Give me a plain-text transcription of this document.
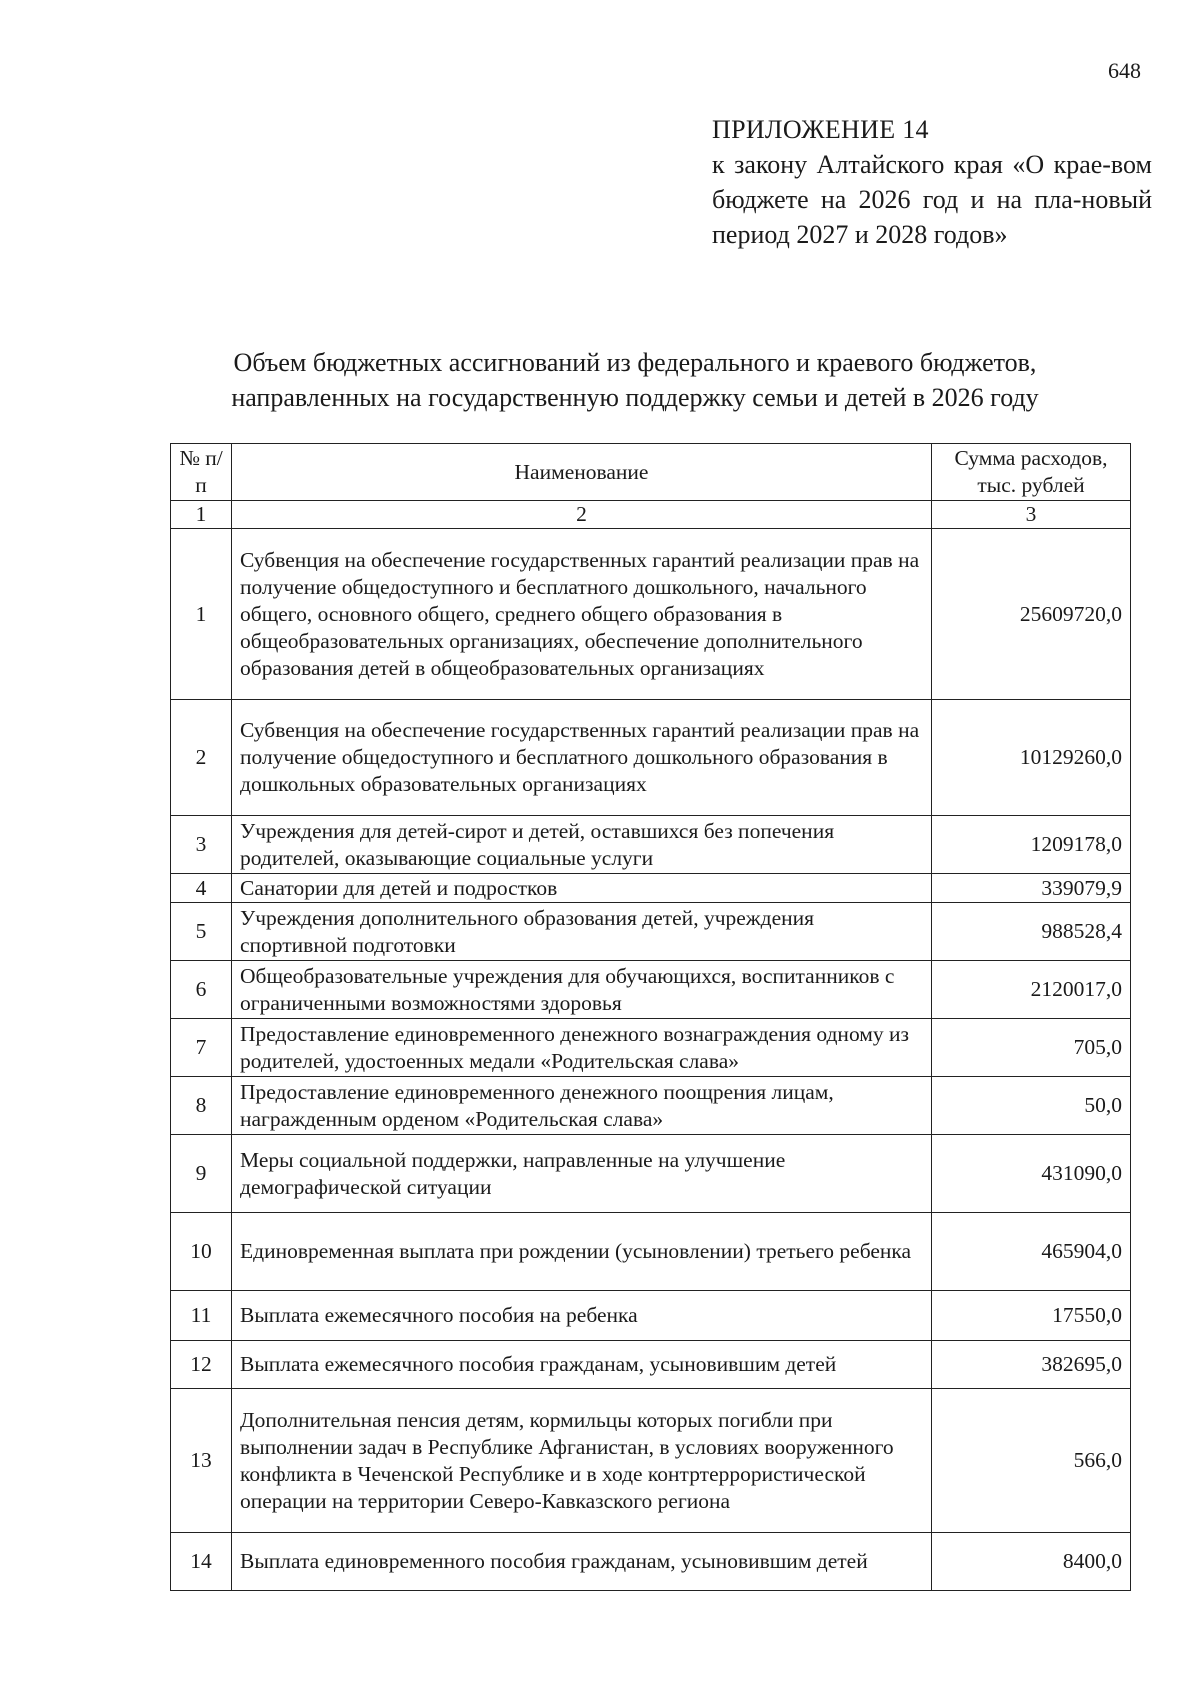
648
ПРИЛОЖЕНИЕ 14
к закону Алтайского края «О крае-вом бюджете на 2026 год и на пла-новый период 2027 и 2028 годов»
Объем бюджетных ассигнований из федерального и краевого бюджетов, направленных на государственную поддержку семьи и детей в 2026 году
№ п/п	Наименование	Сумма расходов, тыс. рублей
1	2	3
1	Субвенция на обеспечение государственных гарантий реализации прав на получение общедоступного и бесплатного дошкольного, начального общего, основного общего, среднего общего образования в общеобразовательных организациях, обеспечение дополнительного образования детей в общеобразовательных организациях	25609720,0
2	Субвенция на обеспечение государственных гарантий реализации прав на получение общедоступного и бесплатного дошкольного образования в дошкольных образовательных организациях	10129260,0
3	Учреждения для детей-сирот и детей, оставшихся без попечения родителей, оказывающие социальные услуги	1209178,0
4	Санатории для детей и подростков	339079,9
5	Учреждения дополнительного образования детей, учреждения спортивной подготовки	988528,4
6	Общеобразовательные учреждения для обучающихся, воспитанников с ограниченными возможностями здоровья	2120017,0
7	Предоставление единовременного денежного вознаграждения одному из родителей, удостоенных медали «Родительская слава»	705,0
8	Предоставление единовременного денежного поощрения лицам, награжденным орденом «Родительская слава»	50,0
9	Меры социальной поддержки, направленные на улучшение демографической ситуации	431090,0
10	Единовременная выплата при рождении (усыновлении) третьего ребенка	465904,0
11	Выплата ежемесячного пособия на ребенка	17550,0
12	Выплата ежемесячного пособия гражданам, усыновившим детей	382695,0
13	Дополнительная пенсия детям, кормильцы которых погибли при выполнении задач в Республике Афганистан, в условиях вооруженного конфликта в Чеченской Республике и в ходе контртеррористической операции на территории Северо-Кавказского региона	566,0
14	Выплата единовременного пособия гражданам, усыновившим детей	8400,0
